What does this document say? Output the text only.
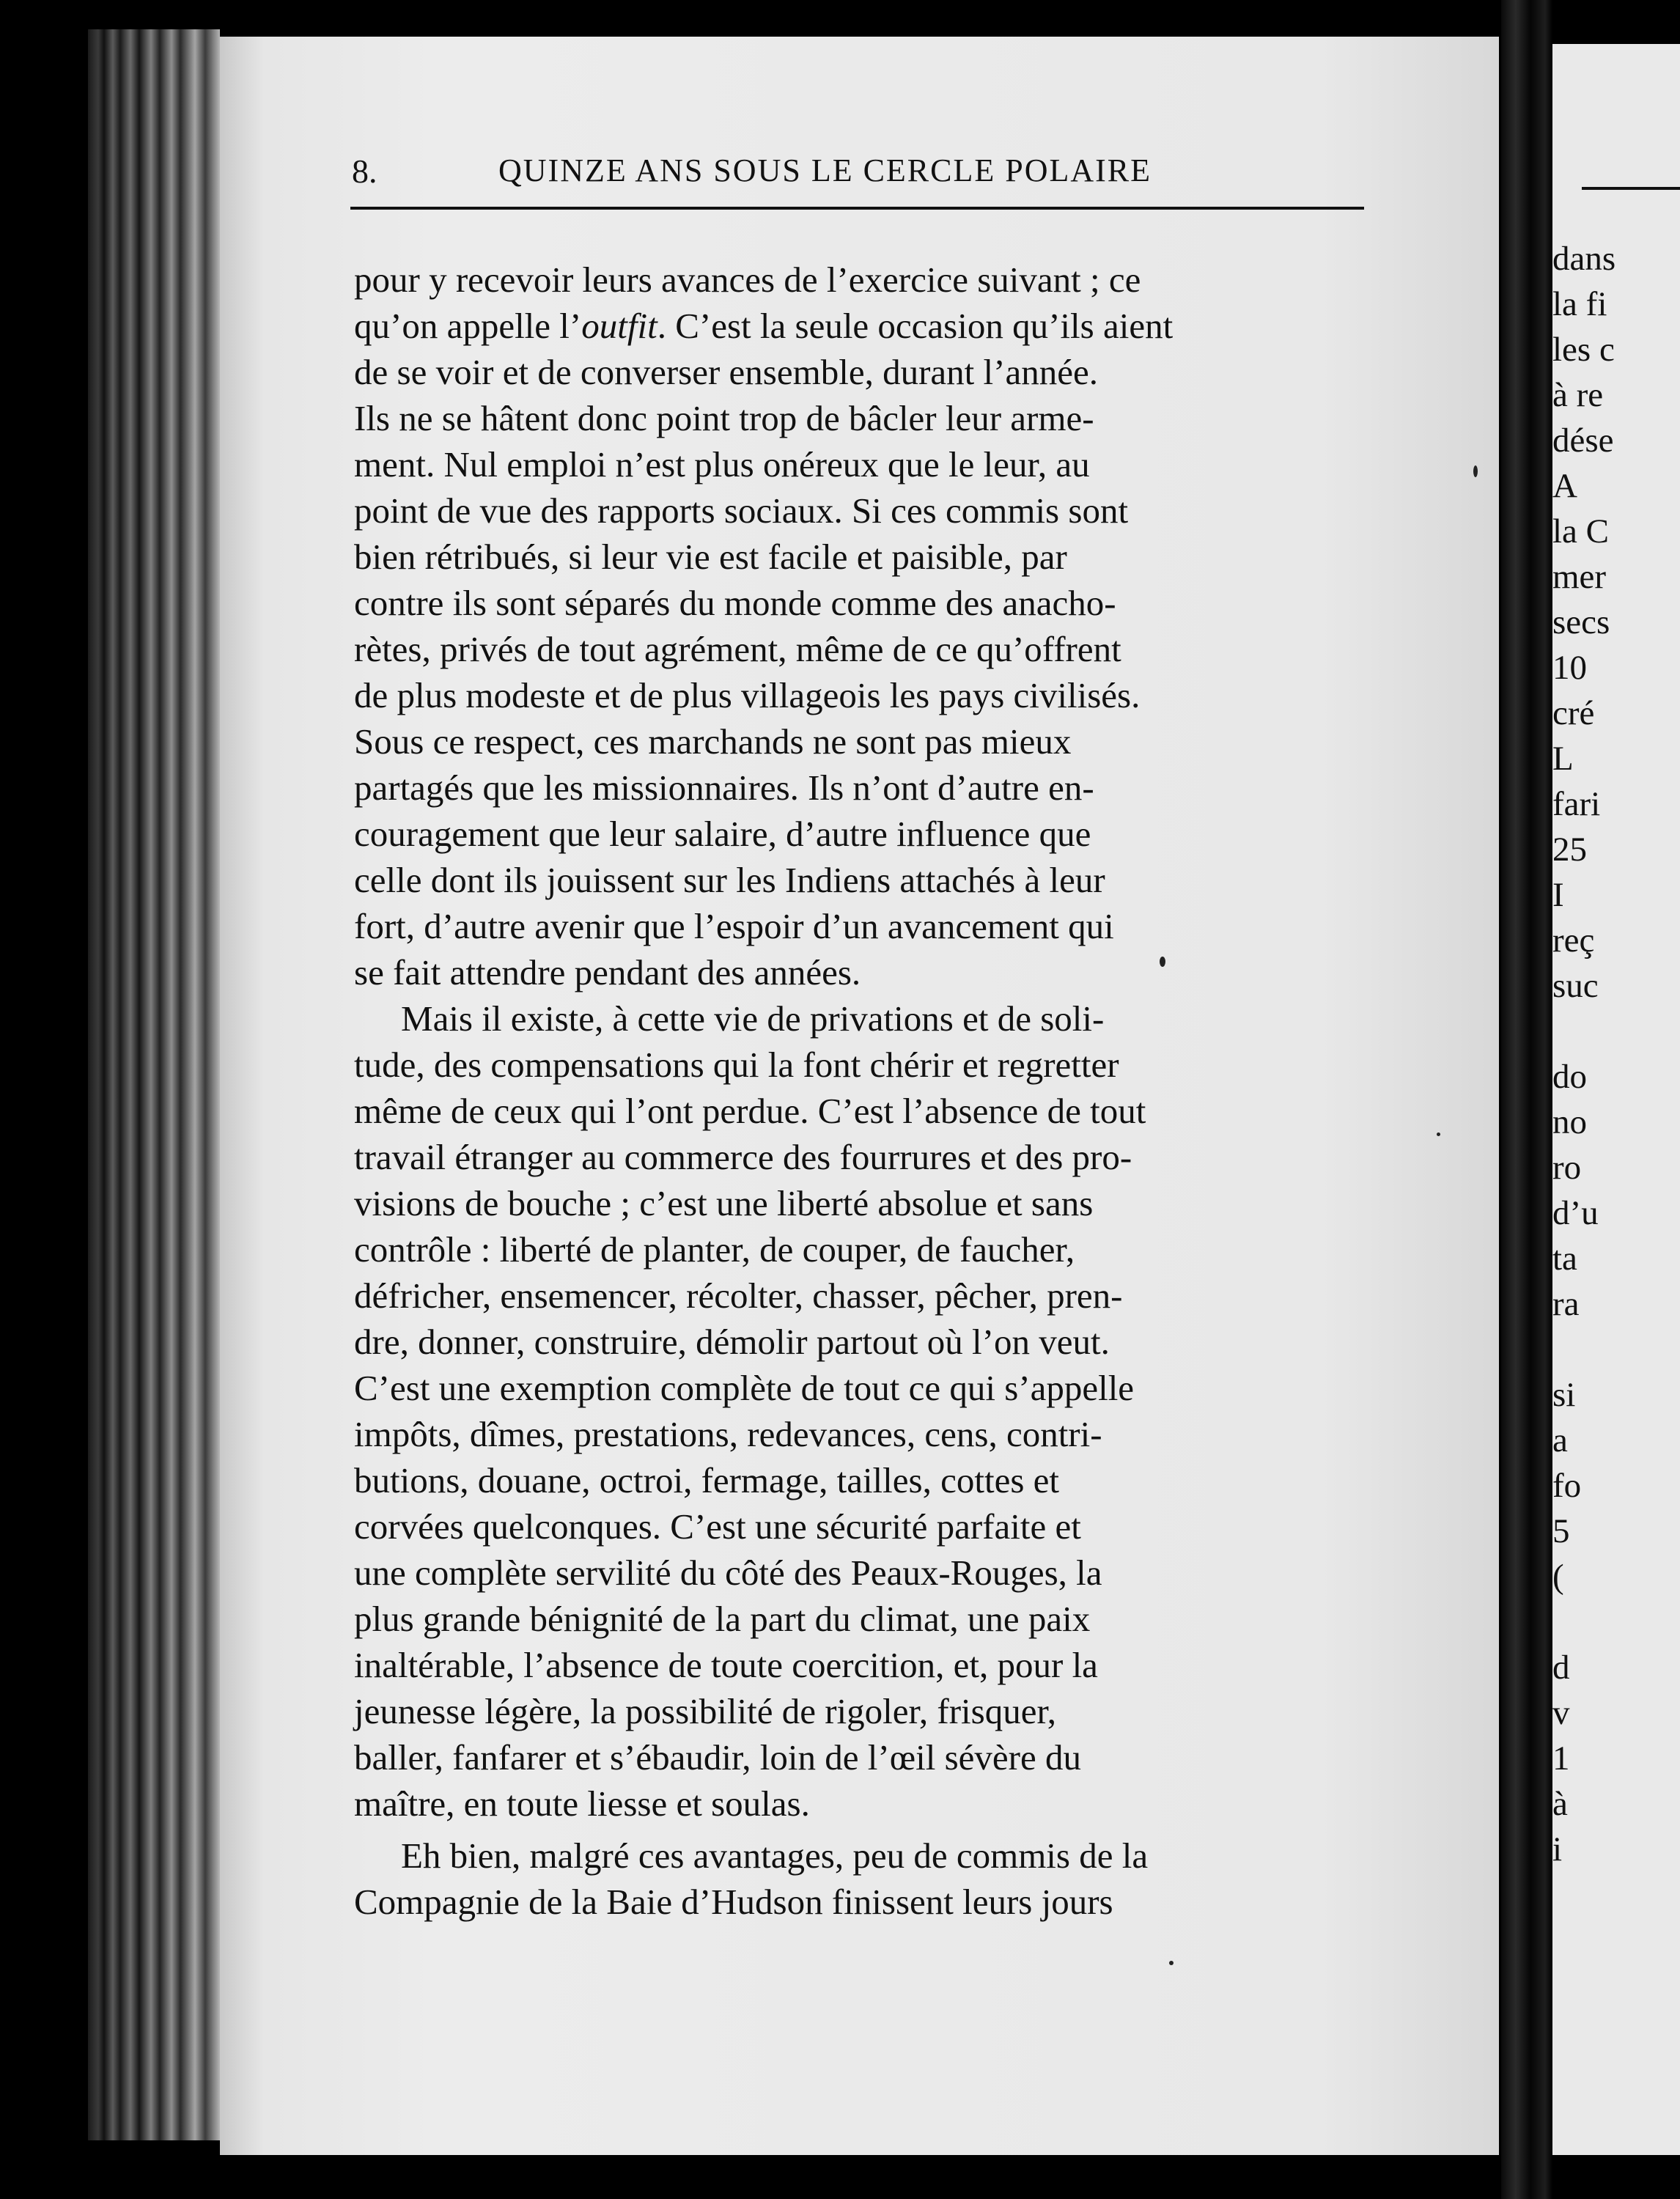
8.	QUINZE ANS SOUS LE CERCLE POLAIRE
pour y recevoir leurs avances de l’exercice suivant ; ce
qu’on appelle l’outfit. C’est la seule occasion qu’ils aient
de se voir et de converser ensemble, durant l’année.
Ils ne se hâtent donc point trop de bâcler leur arme-
ment. Nul emploi n’est plus onéreux que le leur, au
point de vue des rapports sociaux. Si ces commis sont
bien rétribués, si leur vie est facile et paisible, par
contre ils sont séparés du monde comme des anacho-
rètes, privés de tout agrément, même de ce qu’offrent
de plus modeste et de plus villageois les pays civilisés.
Sous ce respect, ces marchands ne sont pas mieux
partagés que les missionnaires. Ils n’ont d’autre en-
couragement que leur salaire, d’autre influence que
celle dont ils jouissent sur les Indiens attachés à leur
fort, d’autre avenir que l’espoir d’un avancement qui
se fait attendre pendant des années.
Mais il existe, à cette vie de privations et de soli-
tude, des compensations qui la font chérir et regretter
même de ceux qui l’ont perdue. C’est l’absence de tout
travail étranger au commerce des fourrures et des pro-
visions de bouche ; c’est une liberté absolue et sans
contrôle : liberté de planter, de couper, de faucher,
défricher, ensemencer, récolter, chasser, pêcher, pren-
dre, donner, construire, démolir partout où l’on veut.
C’est une exemption complète de tout ce qui s’appelle
impôts, dîmes, prestations, redevances, cens, contri-
butions, douane, octroi, fermage, tailles, cottes et
corvées quelconques. C’est une sécurité parfaite et
une complète servilité du côté des Peaux-Rouges, la
plus grande bénignité de la part du climat, une paix
inaltérable, l’absence de toute coercition, et, pour la
jeunesse légère, la possibilité de rigoler, frisquer,
baller, fanfarer et s’ébaudir, loin de l’œil sévère du
maître, en toute liesse et soulas.
Eh bien, malgré ces avantages, peu de commis de la
Compagnie de la Baie d’Hudson finissent leurs jours
dans
la fi
les c
à re
dése
A
la C
mer
secs
10
cré
L
fari
25
I
reç
suc
do
no
ro
d’u
ta
ra
si
a
fo
5
(
d
v
1
à
i
